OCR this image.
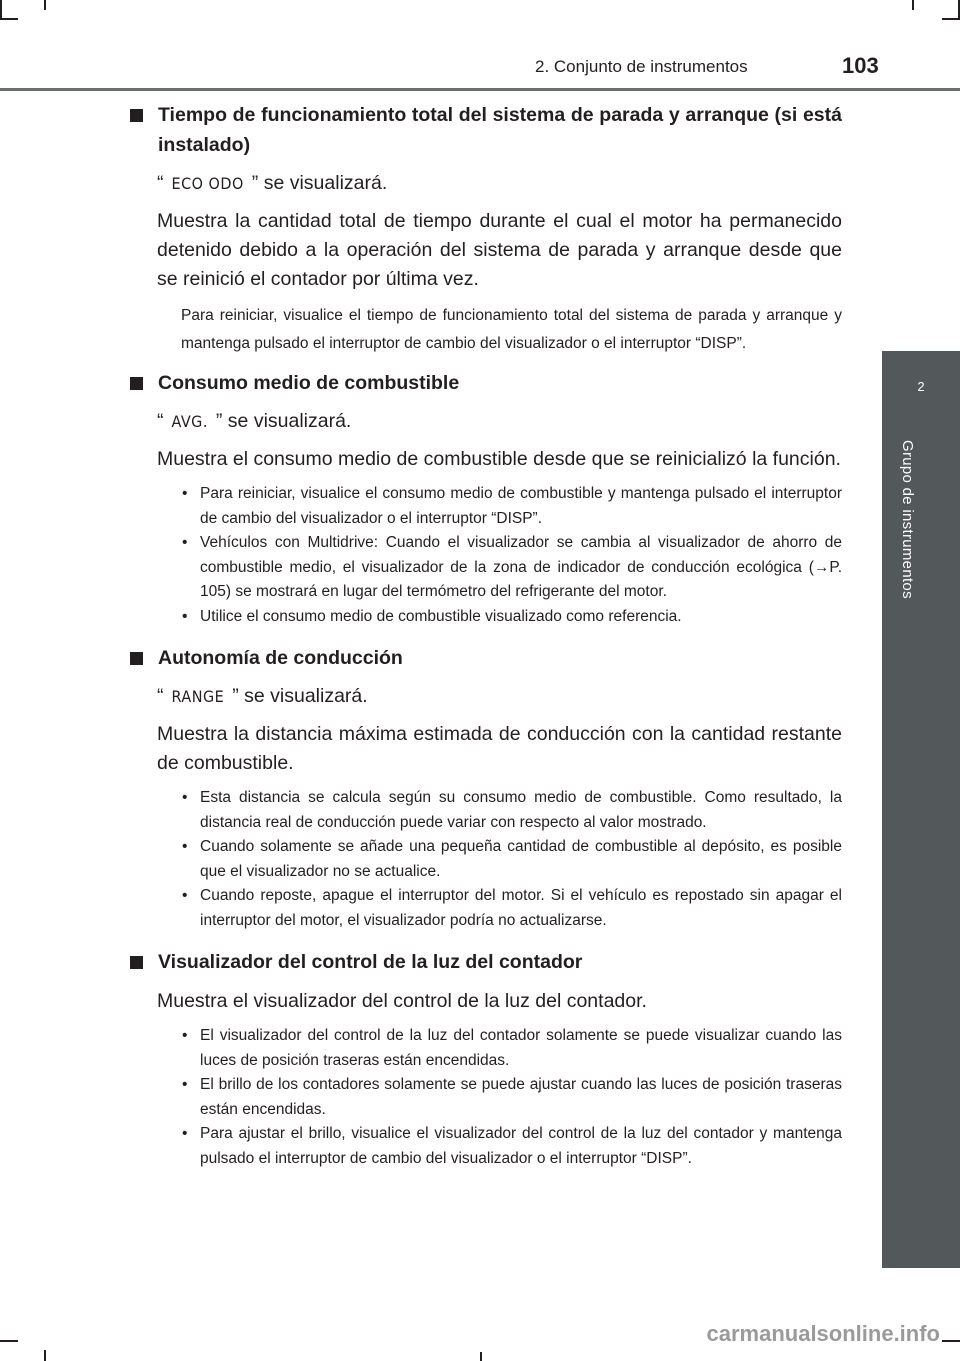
2. Conjunto de instrumentos	103
2
Grupo de instrumentos
Tiempo de funcionamiento total del sistema de parada y arranque (si está instalado)
“ ECO ODO ” se visualizará.
Muestra la cantidad total de tiempo durante el cual el motor ha permanecido detenido debido a la operación del sistema de parada y arranque desde que se reinició el contador por última vez.
Para reiniciar, visualice el tiempo de funcionamiento total del sistema de parada y arranque y mantenga pulsado el interruptor de cambio del visualizador o el interruptor “DISP”.
Consumo medio de combustible
“ AVG. ” se visualizará.
Muestra el consumo medio de combustible desde que se reinicializó la función.
• Para reiniciar, visualice el consumo medio de combustible y mantenga pulsado el interruptor de cambio del visualizador o el interruptor “DISP”.
• Vehículos con Multidrive: Cuando el visualizador se cambia al visualizador de ahorro de combustible medio, el visualizador de la zona de indicador de conducción ecológica (→P. 105) se mostrará en lugar del termómetro del refrigerante del motor.
• Utilice el consumo medio de combustible visualizado como referencia.
Autonomía de conducción
“ RANGE ” se visualizará.
Muestra la distancia máxima estimada de conducción con la cantidad restante de combustible.
• Esta distancia se calcula según su consumo medio de combustible. Como resultado, la distancia real de conducción puede variar con respecto al valor mostrado.
• Cuando solamente se añade una pequeña cantidad de combustible al depósito, es posible que el visualizador no se actualice.
• Cuando reposte, apague el interruptor del motor. Si el vehículo es repostado sin apagar el interruptor del motor, el visualizador podría no actualizarse.
Visualizador del control de la luz del contador
Muestra el visualizador del control de la luz del contador.
• El visualizador del control de la luz del contador solamente se puede visualizar cuando las luces de posición traseras están encendidas.
• El brillo de los contadores solamente se puede ajustar cuando las luces de posición traseras están encendidas.
• Para ajustar el brillo, visualice el visualizador del control de la luz del contador y mantenga pulsado el interruptor de cambio del visualizador o el interruptor “DISP”.
carmanualsonline.info
